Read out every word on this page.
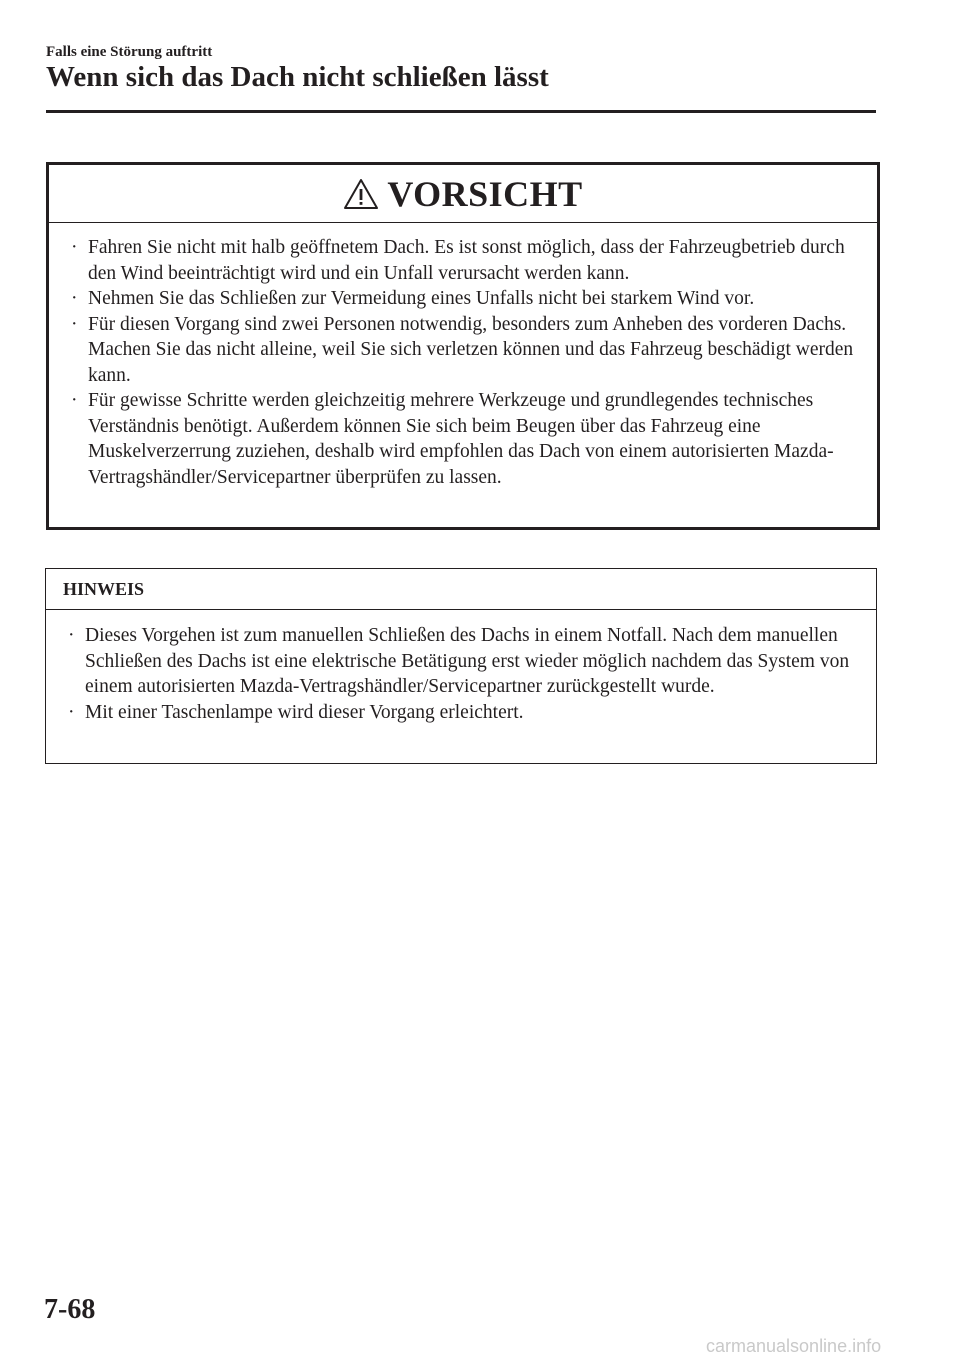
Falls eine Störung auftritt

Wenn sich das Dach nicht schließen lässt
VORSICHT
· Fahren Sie nicht mit halb geöffnetem Dach. Es ist sonst möglich, dass der Fahrzeugbetrieb durch den Wind beeinträchtigt wird und ein Unfall verursacht werden kann.
· Nehmen Sie das Schließen zur Vermeidung eines Unfalls nicht bei starkem Wind vor.
· Für diesen Vorgang sind zwei Personen notwendig, besonders zum Anheben des vorderen Dachs. Machen Sie das nicht alleine, weil Sie sich verletzen können und das Fahrzeug beschädigt werden kann.
· Für gewisse Schritte werden gleichzeitig mehrere Werkzeuge und grundlegendes technisches Verständnis benötigt. Außerdem können Sie sich beim Beugen über das Fahrzeug eine Muskelverzerrung zuziehen, deshalb wird empfohlen das Dach von einem autorisierten Mazda-Vertragshändler/Servicepartner überprüfen zu lassen.
HINWEIS
· Dieses Vorgehen ist zum manuellen Schließen des Dachs in einem Notfall. Nach dem manuellen Schließen des Dachs ist eine elektrische Betätigung erst wieder möglich nachdem das System von einem autorisierten Mazda-Vertragshändler/Servicepartner zurückgestellt wurde.
· Mit einer Taschenlampe wird dieser Vorgang erleichtert.

7-68

carmanualsonline.info
